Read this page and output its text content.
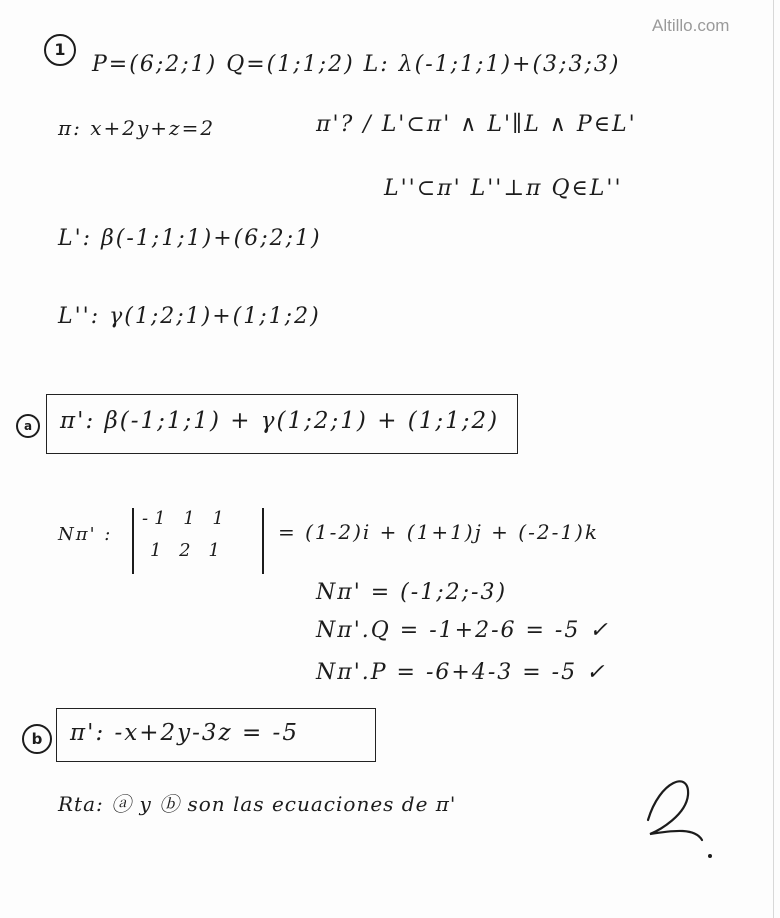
Altillo.com
1
P=(6;2;1) Q=(1;1;2) L: λ(-1;1;1)+(3;3;3)
π: x+2y+z=2	π'? / L'⊂π' ∧ L'∥L ∧ P∈L'
L''⊂π' L''⊥π Q∈L''
L': β(-1;1;1)+(6;2;1)
L'': γ(1;2;1)+(1;1;2)
a	π': β(-1;1;1) + γ(1;2;1) + (1;1;2)
Nπ' :
-1 1 1
1 2 1
= (1-2)i + (1+1)j + (-2-1)k
Nπ' = (-1;2;-3)
Nπ'.Q = -1+2-6 = -5 ✓
Nπ'.P = -6+4-3 = -5 ✓
b	π': -x+2y-3z = -5
Rta: ⓐ y ⓑ son las ecuaciones de π'
